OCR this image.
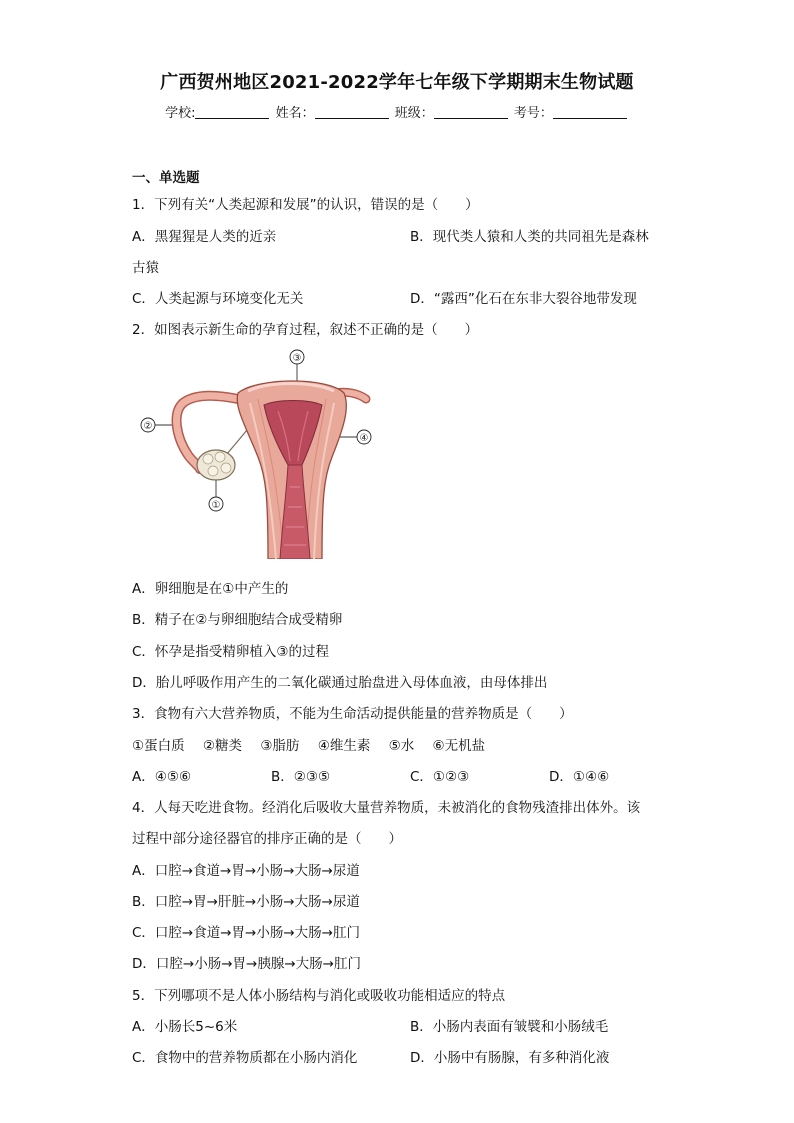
广西贺州地区2021-2022学年七年级下学期期末生物试题
学校:	姓名：	班级：	考号：
一、单选题
1．下列有关“人类起源和发展”的认识，错误的是（　　）
A．黑猩猩是人类的近亲	B．现代类人猿和人类的共同祖先是森林
古猿
C．人类起源与环境变化无关	D．“露西”化石在东非大裂谷地带发现
2．如图表示新生命的孕育过程，叙述不正确的是（　　）
③
②
④
①
A．卵细胞是在①中产生的
B．精子在②与卵细胞结合成受精卵
C．怀孕是指受精卵植入③的过程
D．胎儿呼吸作用产生的二氧化碳通过胎盘进入母体血液，由母体排出
3．食物有六大营养物质，不能为生命活动提供能量的营养物质是（　　）
①蛋白质 ②糖类 ③脂肪 ④维生素 ⑤水 ⑥无机盐
A．④⑤⑥	B．②③⑤	C．①②③	D．①④⑥
4．人每天吃进食物。经消化后吸收大量营养物质，未被消化的食物残渣排出体外。该
过程中部分途径器官的排序正确的是（　　）
A．口腔→食道→胃→小肠→大肠→尿道
B．口腔→胃→肝脏→小肠→大肠→尿道
C．口腔→食道→胃→小肠→大肠→肛门
D．口腔→小肠→胃→胰腺→大肠→肛门
5．下列哪项不是人体小肠结构与消化或吸收功能相适应的特点
A．小肠长5~6米	B．小肠内表面有皱襞和小肠绒毛
C．食物中的营养物质都在小肠内消化	D．小肠中有肠腺，有多种消化液
